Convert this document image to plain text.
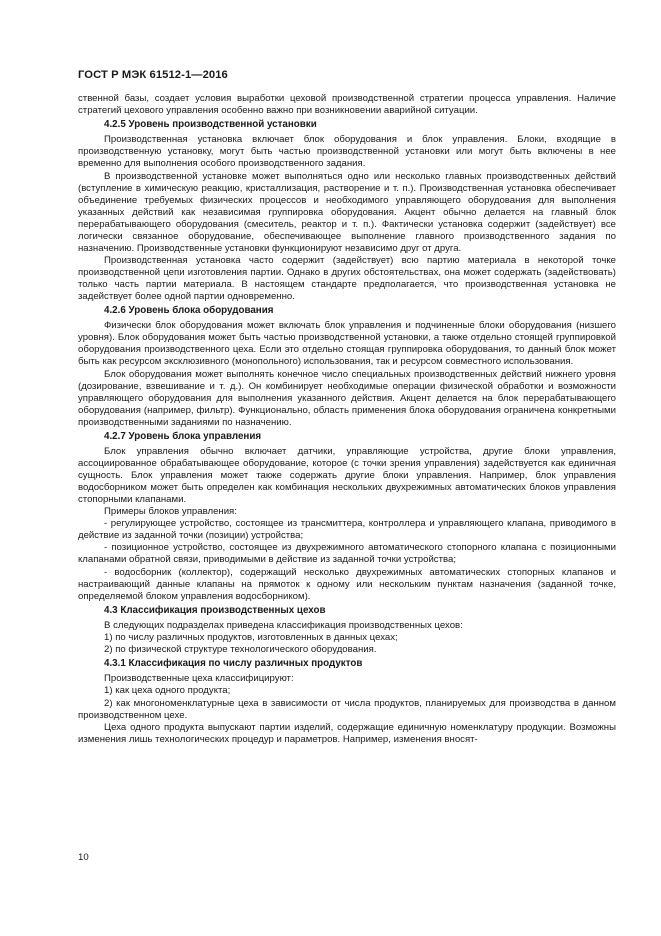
ГОСТ Р МЭК 61512-1—2016
ственной базы, создает условия выработки цеховой производственной стратегии процесса управления. Наличие стратегий цехового управления особенно важно при возникновении аварийной ситуации.
4.2.5 Уровень производственной установки
Производственная установка включает блок оборудования и блок управления. Блоки, входящие в производственную установку, могут быть частью производственной установки или могут быть включены в нее временно для выполнения особого производственного задания.
В производственной установке может выполняться одно или несколько главных производственных действий (вступление в химическую реакцию, кристаллизация, растворение и т. п.). Производственная установка обеспечивает объединение требуемых физических процессов и необходимого управляющего оборудования для выполнения указанных действий как независимая группировка оборудования. Акцент обычно делается на главный блок перерабатывающего оборудования (смеситель, реактор и т. п.). Фактически установка содержит (задействует) все логически связанное оборудование, обеспечивающее выполнение главного производственного задания по назначению. Производственные установки функционируют независимо друг от друга.
Производственная установка часто содержит (задействует) всю партию материала в некоторой точке производственной цепи изготовления партии. Однако в других обстоятельствах, она может содержать (задействовать) только часть партии материала. В настоящем стандарте предполагается, что производственная установка не задействует более одной партии одновременно.
4.2.6 Уровень блока оборудования
Физически блок оборудования может включать блок управления и подчиненные блоки оборудования (низшего уровня). Блок оборудования может быть частью производственной установки, а также отдельно стоящей группировкой оборудования производственного цеха. Если это отдельно стоящая группировка оборудования, то данный блок может быть как ресурсом эксклюзивного (монопольного) использования, так и ресурсом совместного использования.
Блок оборудования может выполнять конечное число специальных производственных действий нижнего уровня (дозирование, взвешивание и т. д.). Он комбинирует необходимые операции физической обработки и возможности управляющего оборудования для выполнения указанного действия. Акцент делается на блок перерабатывающего оборудования (например, фильтр). Функционально, область применения блока оборудования ограничена конкретными производственными заданиями по назначению.
4.2.7 Уровень блока управления
Блок управления обычно включает датчики, управляющие устройства, другие блоки управления, ассоциированное обрабатывающее оборудование, которое (с точки зрения управления) задействуется как единичная сущность. Блок управления может также содержать другие блоки управления. Например, блок управления водосборником может быть определен как комбинация нескольких двухрежимных автоматических блоков управления стопорными клапанами.
Примеры блоков управления:
- регулирующее устройство, состоящее из трансмиттера, контроллера и управляющего клапана, приводимого в действие из заданной точки (позиции) устройства;
- позиционное устройство, состоящее из двухрежимного автоматического стопорного клапана с позиционными клапанами обратной связи, приводимыми в действие из заданной точки устройства;
- водосборник (коллектор), содержащий несколько двухрежимных автоматических стопорных клапанов и настраивающий данные клапаны на прямоток к одному или нескольким пунктам назначения (заданной точке, определяемой блоком управления водосборником).
4.3 Классификация производственных цехов
В следующих подразделах приведена классификация производственных цехов:
1) по числу различных продуктов, изготовленных в данных цехах;
2) по физической структуре технологического оборудования.
4.3.1 Классификация по числу различных продуктов
Производственные цеха классифицируют:
1) как цеха одного продукта;
2) как многономенклатурные цеха в зависимости от числа продуктов, планируемых для производства в данном производственном цехе.
Цеха одного продукта выпускают партии изделий, содержащие единичную номенклатуру продукции. Возможны изменения лишь технологических процедур и параметров. Например, изменения вносят-
10
